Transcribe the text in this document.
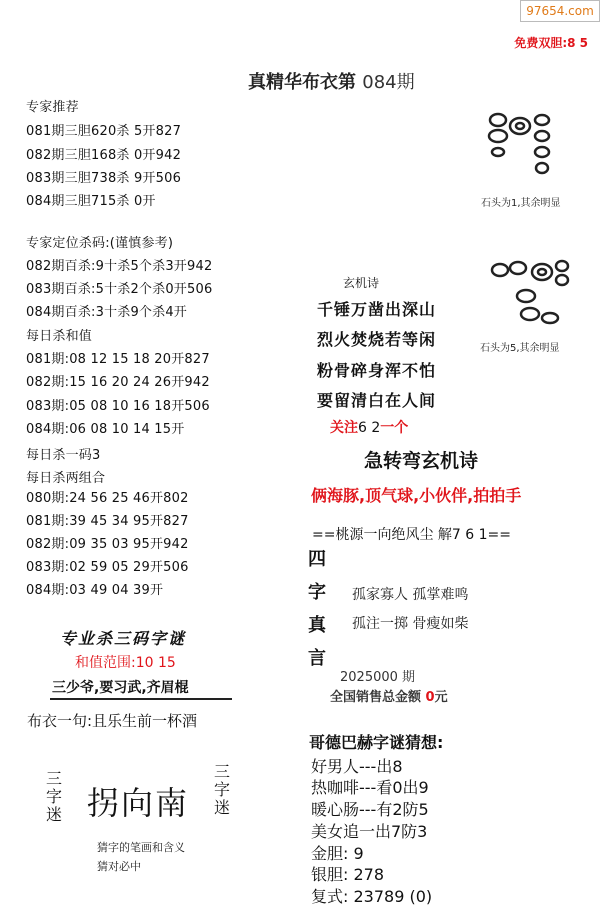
97654.com
免费双胆:8 5
真精华布衣第 084期
专家推荐
081期三胆620杀 5开827
082期三胆168杀 0开942
083期三胆738杀 9开506
084期三胆715杀 0开
专家定位杀码:(谨慎参考)
082期百杀:9十杀5个杀3开942
083期百杀:5十杀2个杀0开506
084期百杀:3十杀9个杀4开
每日杀和值
081期:08 12 15 18 20开827
082期:15 16 20 24 26开942
083期:05 08 10 16 18开506
084期:06 08 10 14 15开
每日杀一码3
每日杀两组合
080期:24 56 25 46开802
081期:39 45 34 95开827
082期:09 35 03 95开942
083期:02 59 05 29开506
084期:03 49 04 39开
石头为1,其余明显
石头为5,其余明显
玄机诗
千锤万凿出深山
烈火焚烧若等闲
粉骨碎身浑不怕
要留清白在人间
关注6 2一个
急转弯玄机诗
俩海豚,顶气球,小伙伴,拍拍手
==桃源一向绝风尘 解7 6 1==
四
字
真
言
孤家寡人 孤掌难鸣
孤注一掷 骨瘦如柴
2025000 期
全国销售总金额 0元
哥德巴赫字谜猜想:
好男人---出8
热咖啡---看0出9
暖心肠---有2防5
美女追一出7防3
金胆: 9
银胆: 278
复式: 23789 (0)
专业杀三码字谜
和值范围:10 15
三少爷,要习武,齐眉棍
布衣一句:且乐生前一杯酒
三字迷 拐向南
三字迷
猜字的笔画和含义
猜对必中
